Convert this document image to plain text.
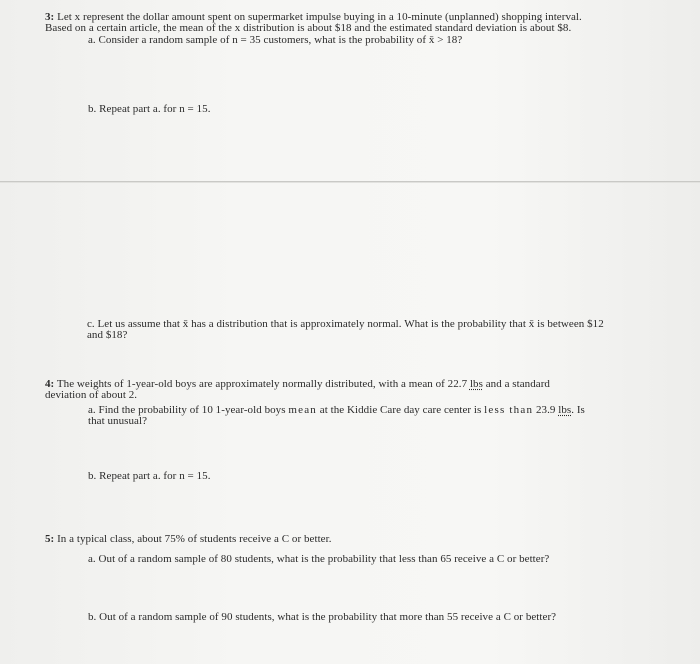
3: Let x represent the dollar amount spent on supermarket impulse buying in a 10-minute (unplanned) shopping interval.
Based on a certain article, the mean of the x distribution is about $18 and the estimated standard deviation is about $8.
a. Consider a random sample of n = 35 customers, what is the probability of x̄ > 18?
b. Repeat part a. for n = 15.
c. Let us assume that x̄ has a distribution that is approximately normal. What is the probability that x̄ is between $12
and $18?
4: The weights of 1-year-old boys are approximately normally distributed, with a mean of 22.7 lbs and a standard
deviation of about 2.
a. Find the probability of 10 1-year-old boys mean at the Kiddie Care day care center is less than 23.9 lbs. Is
that unusual?
b. Repeat part a. for n = 15.
5: In a typical class, about 75% of students receive a C or better.
a. Out of a random sample of 80 students, what is the probability that less than 65 receive a C or better?
b. Out of a random sample of 90 students, what is the probability that more than 55 receive a C or better?
